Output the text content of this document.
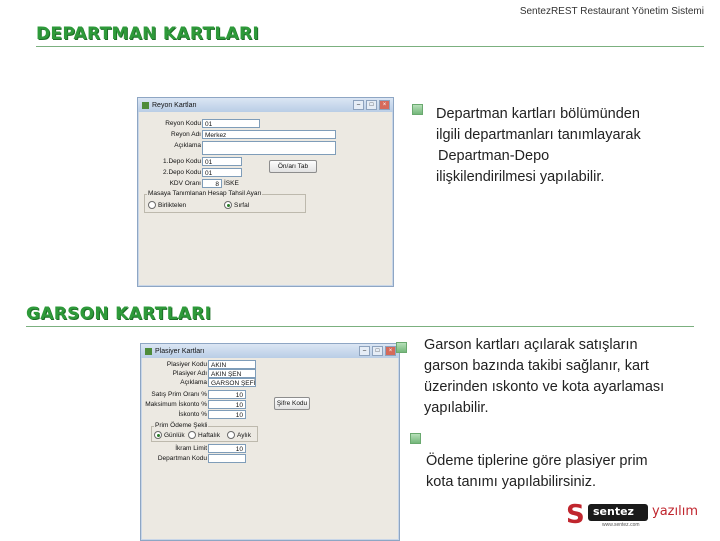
SentezREST Restaurant Yönetim Sistemi
DEPARTMAN KARTLARI
Reyon Kartları	–	□	×
Reyon Kodu 01
Reyon Adı Merkez
Açıklama
1.Depo Kodu 01
2.Depo Kodu 01
KDV Oranı	8 İSKE
Ön/arı Tab
Masaya Tanımlanan Hesap Tahsil Ayarı
Birliktelen	Sırfal
Departman kartları bölümünden
ilgili departmanları tanımlayarak
Departman-Depo
ilişkilendirilmesi yapılabilir.
GARSON KARTLARI
Plasiyer Kartları	–	□	×
Plasiyer Kodu AKIN
Plasiyer Adı AKIN ŞEN
Açıklama GARSON ŞEFİ
Satış Prim Oranı %	10
Maksimum İskonto %	10
İskonto %	10
Şifre Kodu
Prim Ödeme Şekli
Günlük Haftalık	Aylık
İkram Limit	10
Departman Kodu
Garson kartları açılarak satışların
garson bazında takibi sağlanır, kart
üzerinden ıskonto ve kota ayarlaması
yapılabilir.
Ödeme tiplerine göre plasiyer prim
kota tanımı yapılabilirsiniz.
S sentez yazılım
www.sentez.com
